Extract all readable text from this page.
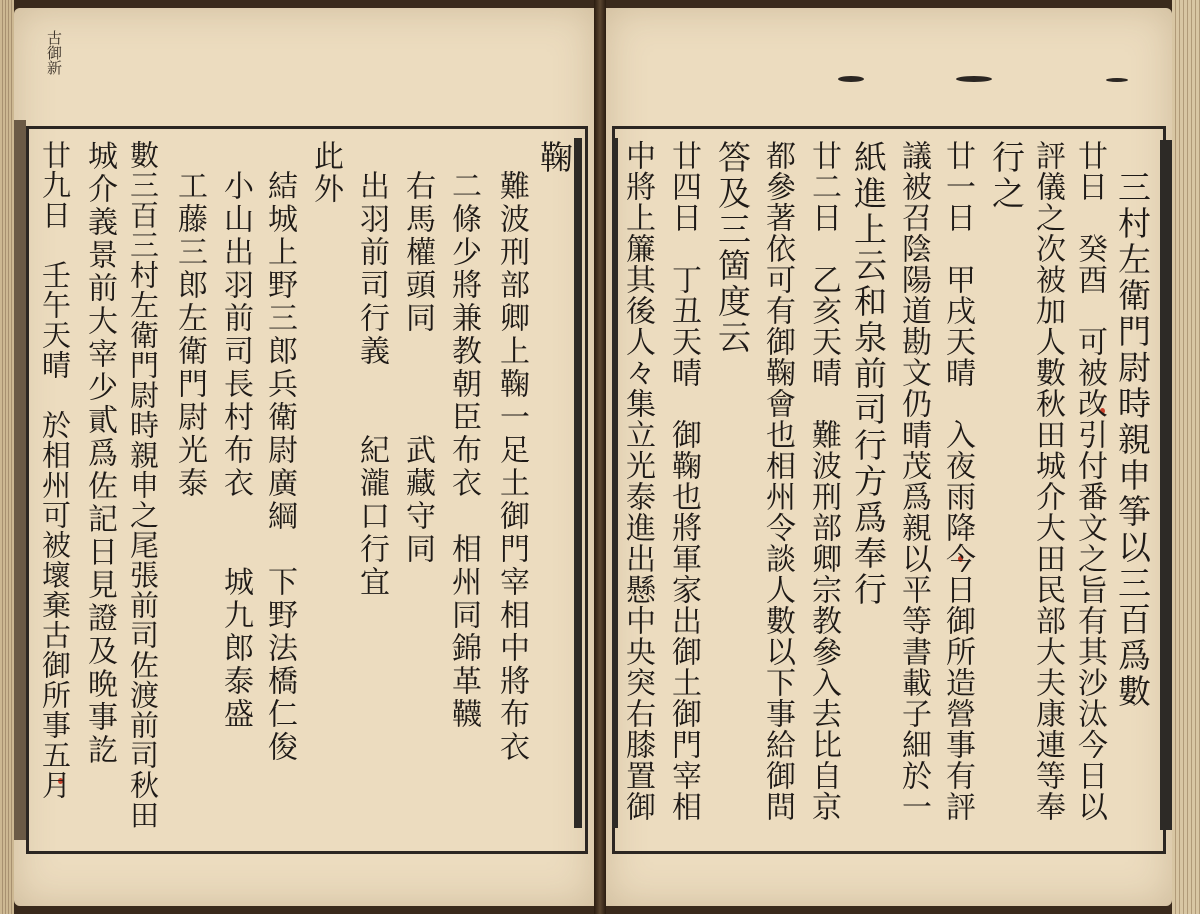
古御新
三村左衛門尉時親申筝以三百爲數
廿日　癸酉　可被改引付番文之旨有其沙汰今日以
評儀之次被加人數秋田城介大田民部大夫康連等奉
行之
廿一日　甲戌天晴　入夜雨降今日御所造營事有評
議被召陰陽道勘文仍晴茂爲親以平等書載子細於一
紙進上云和泉前司行方爲奉行
廿二日　乙亥天晴　難波刑部卿宗教參入去比自京
都參著依可有御鞠會也相州令談人數以下事給御問
答及三箇度云
廿四日　丁丑天晴　御鞠也將軍家出御土御門宰相
中將上簾其後人々集立光泰進出懸中央突右膝置御
鞠
難波刑部卿上鞠一足土御門宰相中將布衣
二條少將兼教朝臣布衣　相州同錦革韈
右馬權頭同　　　武藏守同
出羽前司行義　　紀瀧口行宜
此外
結城上野三郎兵衛尉廣綱　下野法橋仁俊
小山出羽前司長村布衣　　城九郎泰盛
工藤三郎左衛門尉光泰
數三百三村左衛門尉時親申之尾張前司佐渡前司秋田
城介義景前大宰少貳爲佐記日見證及晩事訖
廿九日　壬午天晴　於相州可被壞棄古御所事五月
